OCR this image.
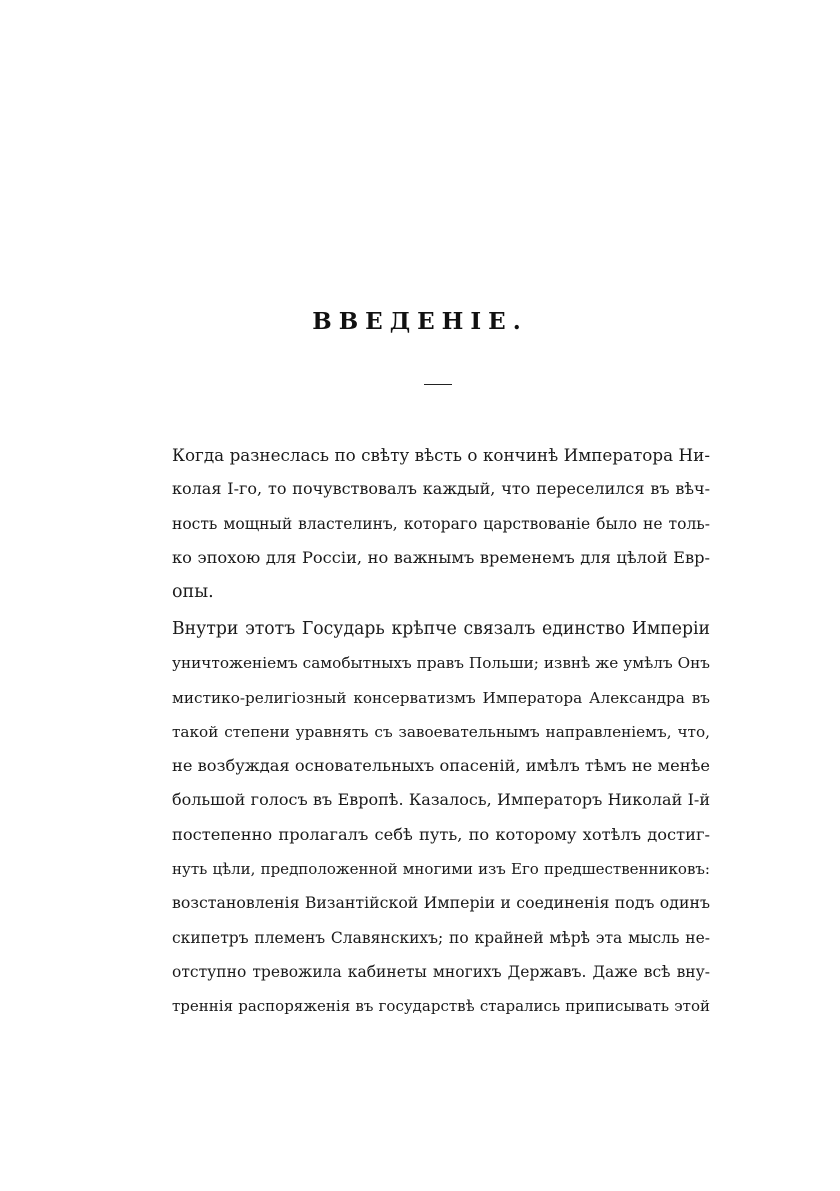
ВВЕДЕНІЕ.
Когда разнеслась по свѣту вѣсть о кончинѣ Императора Ни-
колая I-го, то почувствовалъ каждый, что переселился въ вѣч-
ность мощный властелинъ, котораго царствованіе было не толь-
ко эпохою для Россіи, но важнымъ временемъ для цѣлой Евр-
опы.
Внутри этотъ Государь крѣпче связалъ единство Имперіи
уничтоженіемъ самобытныхъ правъ Польши; извнѣ же умѣлъ Онъ
мистико-религіозный консерватизмъ Императора Александра въ
такой степени уравнять съ завоевательнымъ направленіемъ, что,
не возбуждая основательныхъ опасеній, имѣлъ тѣмъ не менѣе
большой голосъ въ Европѣ. Казалось, Императоръ Николай I-й
постепенно пролагалъ себѣ путь, по которому хотѣлъ достиг-
нуть цѣли, предположенной многими изъ Его предшественниковъ:
возстановленія Византійской Имперіи и соединенія подъ одинъ
скипетръ племенъ Славянскихъ; по крайней мѣрѣ эта мысль не-
отступно тревожила кабинеты многихъ Державъ. Даже всѣ вну-
треннія распоряженія въ государствѣ старались приписывать этой
